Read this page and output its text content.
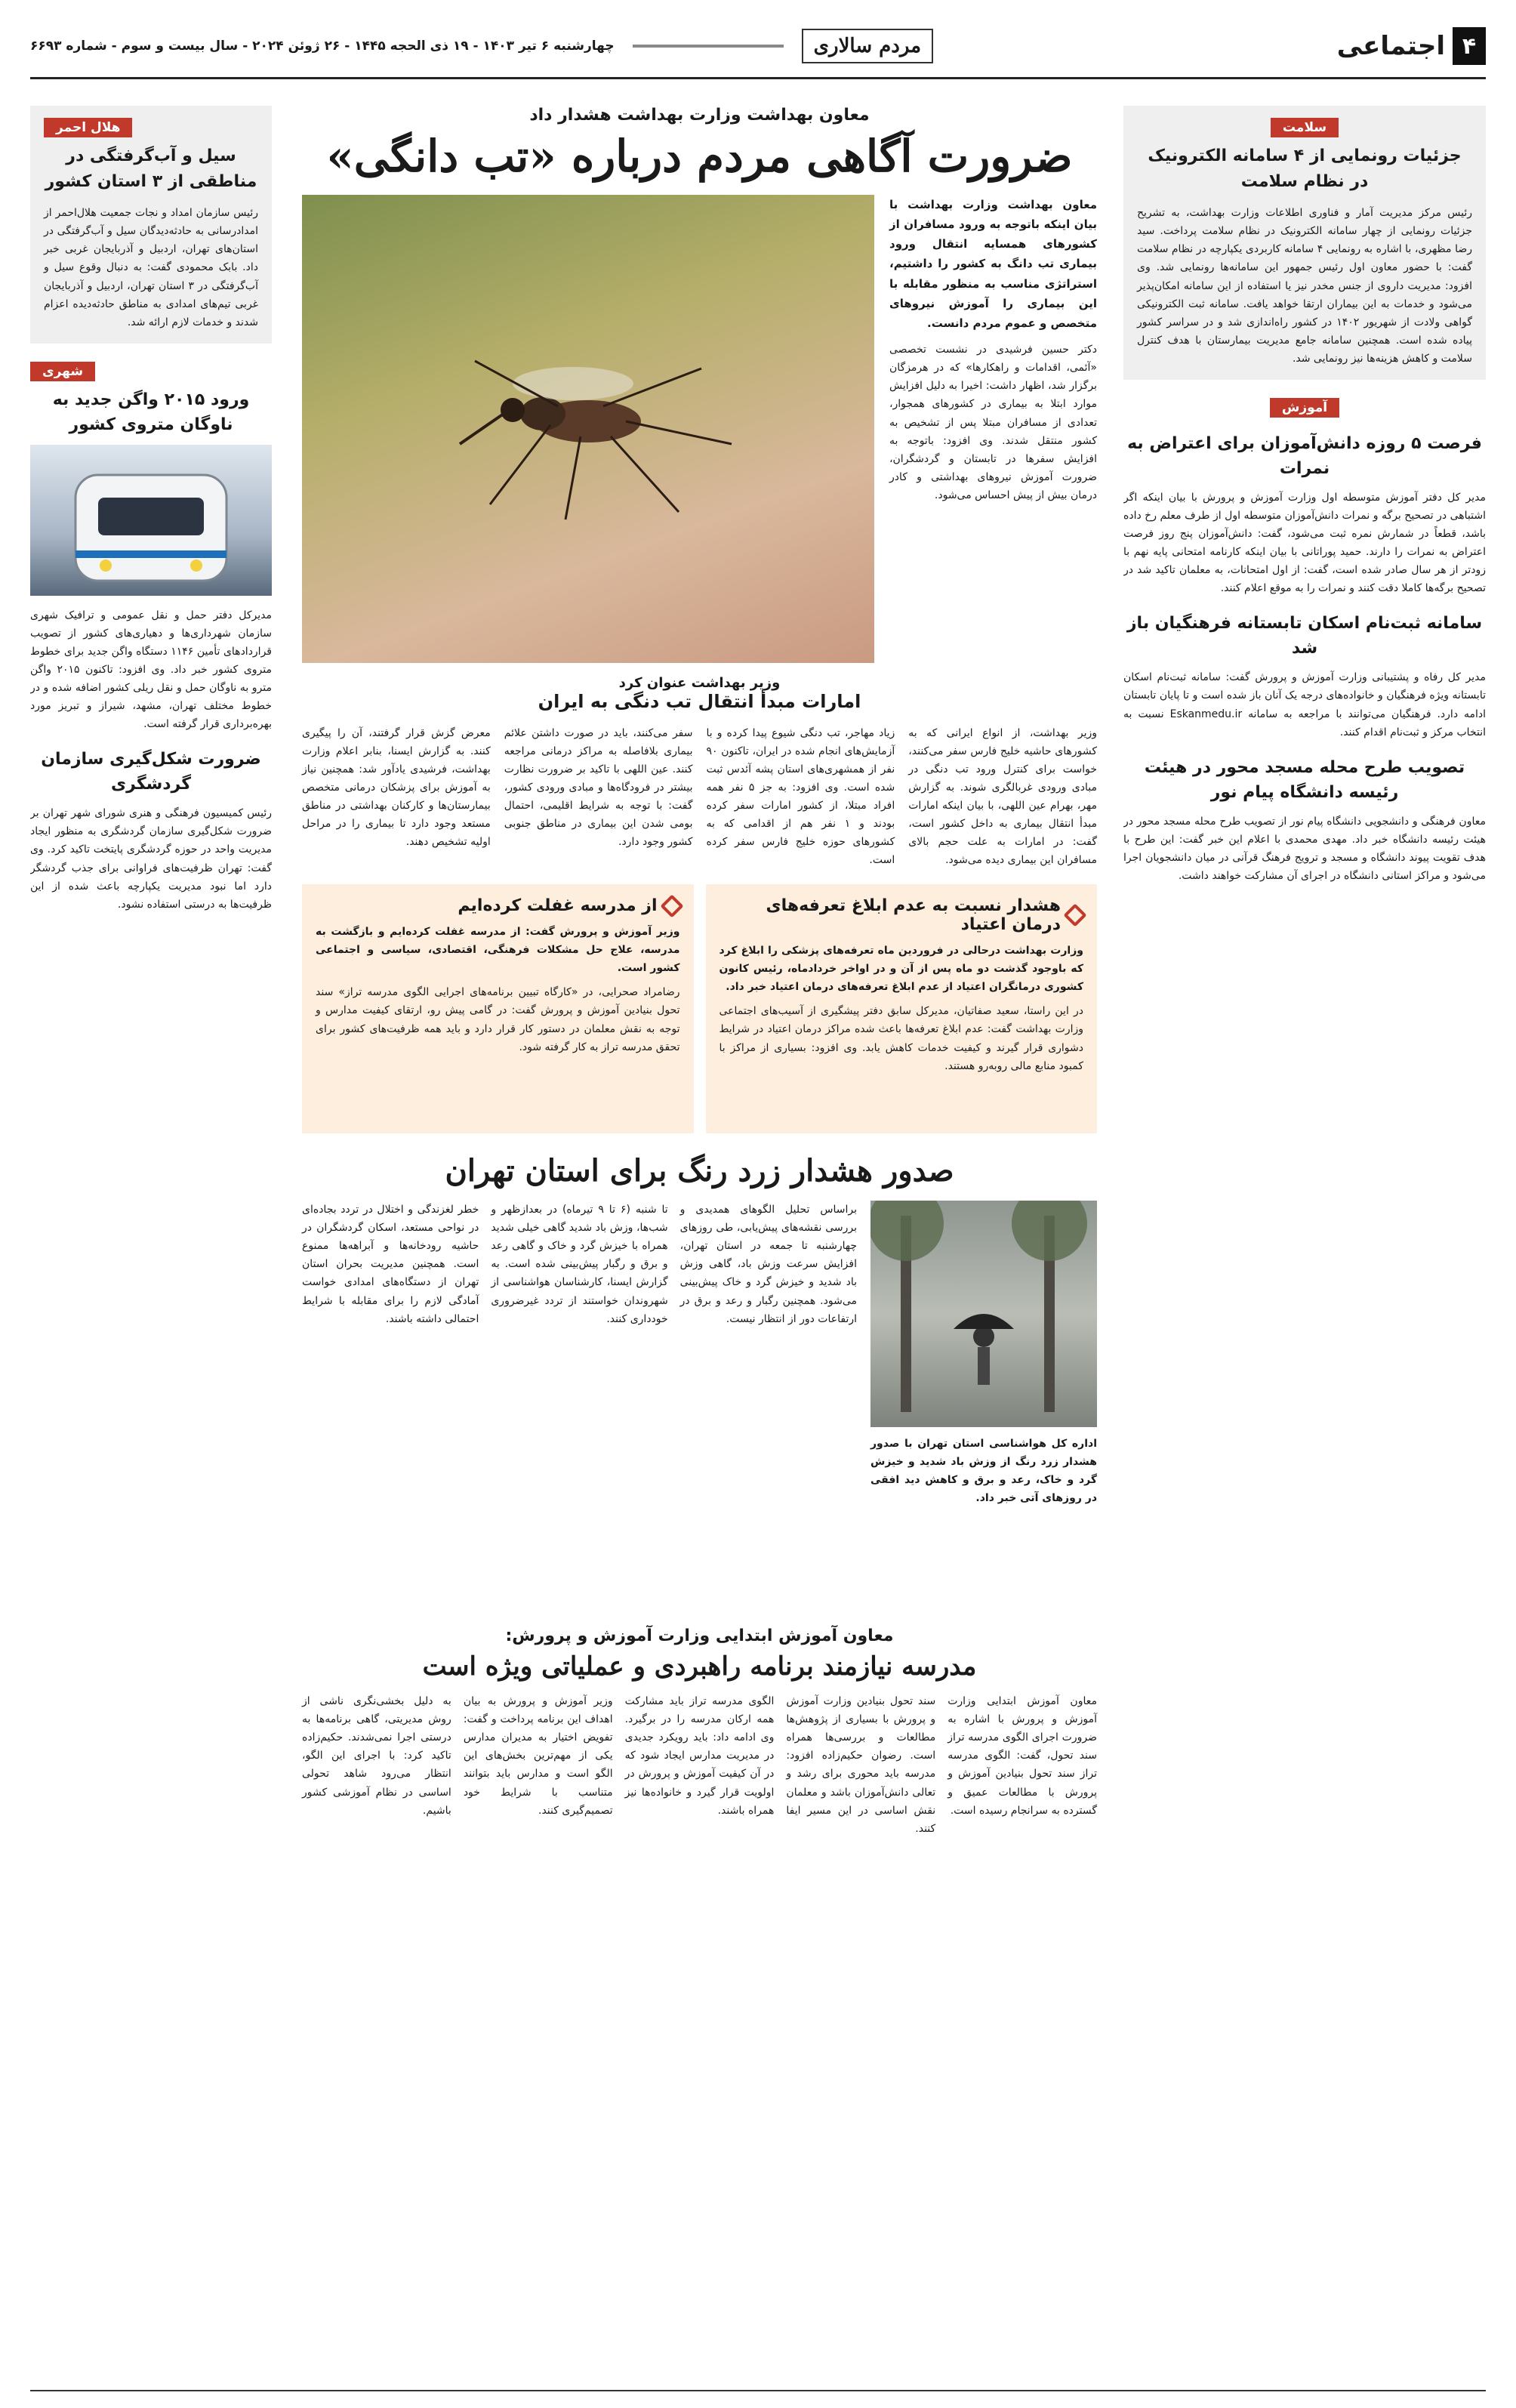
۴
اجتماعی
مردم سالاری
چهارشنبه ۶ تیر ۱۴۰۳ - ۱۹ ذی الحجه ۱۴۴۵ - ۲۶ ژوئن ۲۰۲۴ - سال بیست و سوم - شماره ۶۶۹۳
سلامت
جزئیات رونمایی از ۴ سامانه الکترونیک در نظام سلامت
رئیس مرکز مدیریت آمار و فناوری اطلاعات وزارت بهداشت، به تشریح جزئیات رونمایی از چهار سامانه الکترونیک در نظام سلامت پرداخت. سید رضا مظهری، با اشاره به رونمایی ۴ سامانه کاربردی یکپارچه در نظام سلامت گفت: با حضور معاون اول رئیس جمهور این سامانه‌ها رونمایی شد. وی افزود: مدیریت داروی از جنس مخدر نیز یا استفاده از این سامانه امکان‌پذیر می‌شود و خدمات به این بیماران ارتقا خواهد یافت. سامانه ثبت الکترونیکی گواهی ولادت از شهریور ۱۴۰۲ در کشور راه‌اندازی شد و در سراسر کشور پیاده شده است. همچنین سامانه جامع مدیریت بیمارستان با هدف کنترل سلامت و کاهش هزینه‌ها نیز رونمایی شد.
آموزش
فرصت ۵ روزه دانش‌آموزان برای اعتراض به نمرات
مدیر کل دفتر آموزش متوسطه اول وزارت آموزش و پرورش با بیان اینکه اگر اشتباهی در تصحیح برگه و نمرات دانش‌آموزان متوسطه اول از طرف معلم رخ داده باشد، قطعاً در شمارش نمره ثبت می‌شود، گفت: دانش‌آموزان پنج روز فرصت اعتراض به نمرات را دارند. حمید پوراتانی با بیان اینکه کارنامه امتحانی پایه نهم با زودتر از هر سال صادر شده است، گفت: از اول امتحانات، به معلمان تاکید شد در تصحیح برگه‌ها کاملا دقت کنند و نمرات را به موقع اعلام کنند.
سامانه ثبت‌نام اسکان تابستانه فرهنگیان باز شد
مدیر کل رفاه و پشتیبانی وزارت آموزش و پرورش گفت: سامانه ثبت‌نام اسکان تابستانه ویژه فرهنگیان و خانواده‌های درجه یک آنان باز شده است و تا پایان تابستان ادامه دارد. فرهنگیان می‌توانند با مراجعه به سامانه Eskanmedu.ir نسبت به انتخاب مرکز و ثبت‌نام اقدام کنند.
تصویب طرح محله مسجد محور در هیئت رئیسه دانشگاه پیام نور
معاون فرهنگی و دانشجویی دانشگاه پیام نور از تصویب طرح محله مسجد محور در هیئت رئیسه دانشگاه خبر داد. مهدی محمدی با اعلام این خبر گفت: این طرح با هدف تقویت پیوند دانشگاه و مسجد و ترویج فرهنگ قرآنی در میان دانشجویان اجرا می‌شود و مراکز استانی دانشگاه در اجرای آن مشارکت خواهند داشت.
معاون بهداشت وزارت بهداشت هشدار داد
ضرورت آگاهی مردم درباره «تب دانگی»

معاون بهداشت وزارت بهداشت با بیان اینکه باتوجه به ورود مسافران از کشورهای همسایه انتقال ورود بیماری تب دانگ به کشور را داشتیم، استراتژی مناسب به منظور مقابله با این بیماری را آموزش نیروهای متخصص و عموم مردم دانست.

دکتر حسین فرشیدی در نشست تخصصی «آئمی، اقدامات و راهکارها» که در هرمزگان برگزار شد، اظهار داشت: اخیرا به دلیل افزایش موارد ابتلا به بیماری در کشورهای همجوار، تعدادی از مسافران مبتلا پس از تشخیص به کشور منتقل شدند. وی افزود: باتوجه به افزایش سفرها در تابستان و گردشگران، ضرورت آموزش نیروهای بهداشتی و کادر درمان بیش از پیش احساس می‌شود.

وزیر بهداشت عنوان کرد
امارات مبدأ انتقال تب دنگی به ایران

وزیر بهداشت، از انواع ایرانی که به کشورهای حاشیه خلیج فارس سفر می‌کنند، خواست برای کنترل ورود تب دنگی در مبادی ورودی غربالگری شوند. به گزارش مهر، بهرام عین اللهی، با بیان اینکه امارات مبدأ انتقال بیماری به داخل کشور است، گفت: در امارات به علت حجم بالای مسافران این بیماری دیده می‌شود.

زیاد مهاجر، تب دنگی شیوع پیدا کرده و با آزمایش‌های انجام شده در ایران، تاکنون ۹۰ نفر از همشهری‌های استان پشه آئدس ثبت شده است. وی افزود: به جز ۵ نفر همه افراد مبتلا، از کشور امارات سفر کرده بودند و ۱ نفر هم از اقدامی که به کشورهای حوزه خلیج فارس سفر کرده است.

سفر می‌کنند، باید در صورت داشتن علائم بیماری بلافاصله به مراکز درمانی مراجعه کنند. عین اللهی با تاکید بر ضرورت نظارت بیشتر در فرودگاه‌ها و مبادی ورودی کشور، گفت: با توجه به شرایط اقلیمی، احتمال بومی شدن این بیماری در مناطق جنوبی کشور وجود دارد.

معرض گزش قرار گرفتند، آن را پیگیری کنند. به گزارش ایسنا، بنابر اعلام وزارت بهداشت، فرشیدی یادآور شد: همچنین نیاز به آموزش برای پزشکان درمانی متخصص بیمارستان‌ها و کارکنان بهداشتی در مناطق مستعد وجود دارد تا بیماری را در مراحل اولیه تشخیص دهند.

هشدار نسبت به عدم ابلاغ تعرفه‌های درمان اعتیاد

وزارت بهداشت درحالی در فروردین ماه تعرفه‌های پزشکی را ابلاغ کرد که باوجود گذشت دو ماه پس از آن و در اواخر خردادماه، رئیس کانون کشوری درمانگران اعتیاد از عدم ابلاغ تعرفه‌های درمان اعتیاد خبر داد.

در این راستا، سعید صفاتیان، مدیرکل سابق دفتر پیشگیری از آسیب‌های اجتماعی وزارت بهداشت گفت: عدم ابلاغ تعرفه‌ها باعث شده مراکز درمان اعتیاد در شرایط دشواری قرار گیرند و کیفیت خدمات کاهش یابد. وی افزود: بسیاری از مراکز با کمبود منابع مالی روبه‌رو هستند.

از مدرسه غفلت کرده‌ایم

وزیر آموزش و پرورش گفت: از مدرسه غفلت کرده‌ایم و بازگشت به مدرسه، علاج حل مشکلات فرهنگی، اقتصادی، سیاسی و اجتماعی کشور است.

رضامراد صحرایی، در «کارگاه تبیین برنامه‌های اجرایی الگوی مدرسه تراز» سند تحول بنیادین آموزش و پرورش گفت: در گامی پیش رو، ارتقای کیفیت مدارس و توجه به نقش معلمان در دستور کار قرار دارد و باید همه ظرفیت‌های کشور برای تحقق مدرسه تراز به کار گرفته شود.

صدور هشدار زرد رنگ برای استان تهران

اداره کل هواشناسی استان تهران با صدور هشدار زرد رنگ از وزش باد شدید و خیزش گرد و خاک، رعد و برق و کاهش دید افقی در روزهای آتی خبر داد.

براساس تحلیل الگوهای همدیدی و بررسی نقشه‌های پیش‌یابی، طی روزهای چهارشنبه تا جمعه در استان تهران، افزایش سرعت وزش باد، گاهی وزش باد شدید و خیزش گرد و خاک پیش‌بینی می‌شود. همچنین رگبار و رعد و برق در ارتفاعات دور از انتظار نیست.

تا شنبه (۶ تا ۹ تیرماه) در بعدازظهر و شب‌ها، وزش باد شدید گاهی خیلی شدید همراه با خیزش گرد و خاک و گاهی رعد و برق و رگبار پیش‌بینی شده است. به گزارش ایسنا، کارشناسان هواشناسی از شهروندان خواستند از تردد غیرضروری خودداری کنند.

خطر لغزندگی و اختلال در تردد بجاده‌ای در نواحی مستعد، اسکان گردشگران در حاشیه رودخانه‌ها و آبراهه‌ها ممنوع است. همچنین مدیریت بحران استان تهران از دستگاه‌های امدادی خواست آمادگی لازم را برای مقابله با شرایط احتمالی داشته باشند.

معاون آموزش ابتدایی وزارت آموزش و پرورش:
مدرسه نیازمند برنامه راهبردی و عملیاتی ویژه است

معاون آموزش ابتدایی وزارت آموزش و پرورش با اشاره به ضرورت اجرای الگوی مدرسه تراز سند تحول، گفت: الگوی مدرسه تراز سند تحول بنیادین آموزش و پرورش با مطالعات عمیق و گسترده به سرانجام رسیده است.

سند تحول بنیادین وزارت آموزش و پرورش با بسیاری از پژوهش‌ها مطالعات و بررسی‌ها همراه است. رضوان حکیم‌زاده افزود: مدرسه باید محوری برای رشد و تعالی دانش‌آموزان باشد و معلمان نقش اساسی در این مسیر ایفا کنند.

الگوی مدرسه تراز باید مشارکت همه ارکان مدرسه را در برگیرد. وی ادامه داد: باید رویکرد جدیدی در مدیریت مدارس ایجاد شود که در آن کیفیت آموزش و پرورش در اولویت قرار گیرد و خانواده‌ها نیز همراه باشند.

وزیر آموزش و پرورش به بیان اهداف این برنامه پرداخت و گفت: تفویض اختیار به مدیران مدارس یکی از مهم‌ترین بخش‌های این الگو است و مدارس باید بتوانند متناسب با شرایط خود تصمیم‌گیری کنند.

به دلیل بخشی‌نگری ناشی از روش مدیریتی، گاهی برنامه‌ها به درستی اجرا نمی‌شدند. حکیم‌زاده تاکید کرد: با اجرای این الگو، انتظار می‌رود شاهد تحولی اساسی در نظام آموزشی کشور باشیم.

هلال احمر
سیل و آب‌گرفتگی در مناطقی از ۳ استان کشور
رئیس سازمان امداد و نجات جمعیت هلال‌احمر از امدادرسانی به حادثه‌دیدگان سیل و آب‌گرفتگی در استان‌های تهران، اردبیل و آذربایجان غربی خبر داد. بابک محمودی گفت: به دنبال وقوع سیل و آب‌گرفتگی در ۳ استان تهران، اردبیل و آذربایجان غربی تیم‌های امدادی به مناطق حادثه‌دیده اعزام شدند و خدمات لازم ارائه شد.
شهری
ورود ۲۰۱۵ واگن جدید به ناوگان متروی کشور
مدیرکل دفتر حمل و نقل عمومی و ترافیک شهری سازمان شهرداری‌ها و دهیاری‌های کشور از تصویب قراردادهای تأمین ۱۱۴۶ دستگاه واگن جدید برای خطوط متروی کشور خبر داد. وی افزود: تاکنون ۲۰۱۵ واگن مترو به ناوگان حمل و نقل ریلی کشور اضافه شده و در خطوط مختلف تهران، مشهد، شیراز و تبریز مورد بهره‌برداری قرار گرفته است.
ضرورت شکل‌گیری سازمان گردشگری
رئیس کمیسیون فرهنگی و هنری شورای شهر تهران بر ضرورت شکل‌گیری سازمان گردشگری به منظور ایجاد مدیریت واحد در حوزه گردشگری پایتخت تاکید کرد. وی گفت: تهران ظرفیت‌های فراوانی برای جذب گردشگر دارد اما نبود مدیریت یکپارچه باعث شده از این ظرفیت‌ها به درستی استفاده نشود.
